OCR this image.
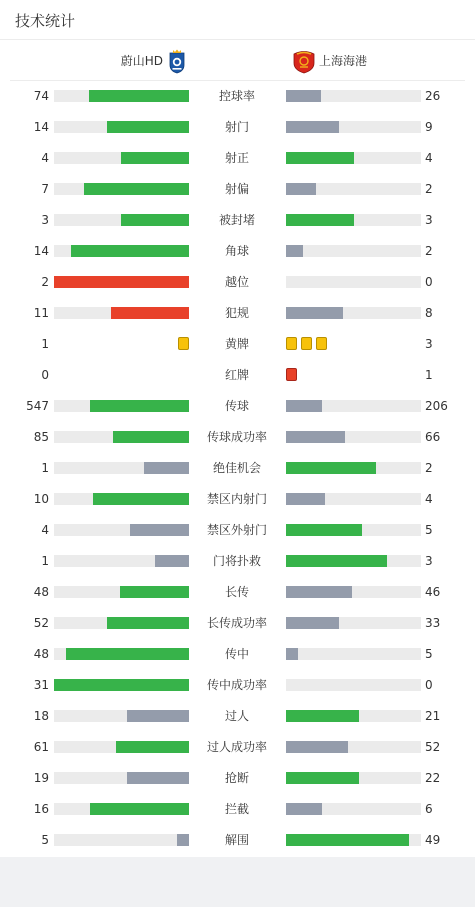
技术统计
蔚山HD	上海海港
74	控球率	26
14	射门	9
4	射正	4
7	射偏	2
3	被封堵	3
14	角球	2
2	越位	0
11	犯规	8
1	黄牌	3
0	红牌	1
547	传球	206
85	传球成功率	66
1	绝佳机会	2
10	禁区内射门	4
4	禁区外射门	5
1	门将扑救	3
48	长传	46
52	长传成功率	33
48	传中	5
31	传中成功率	0
18	过人	21
61	过人成功率	52
19	抢断	22
16	拦截	6
5	解围	49
